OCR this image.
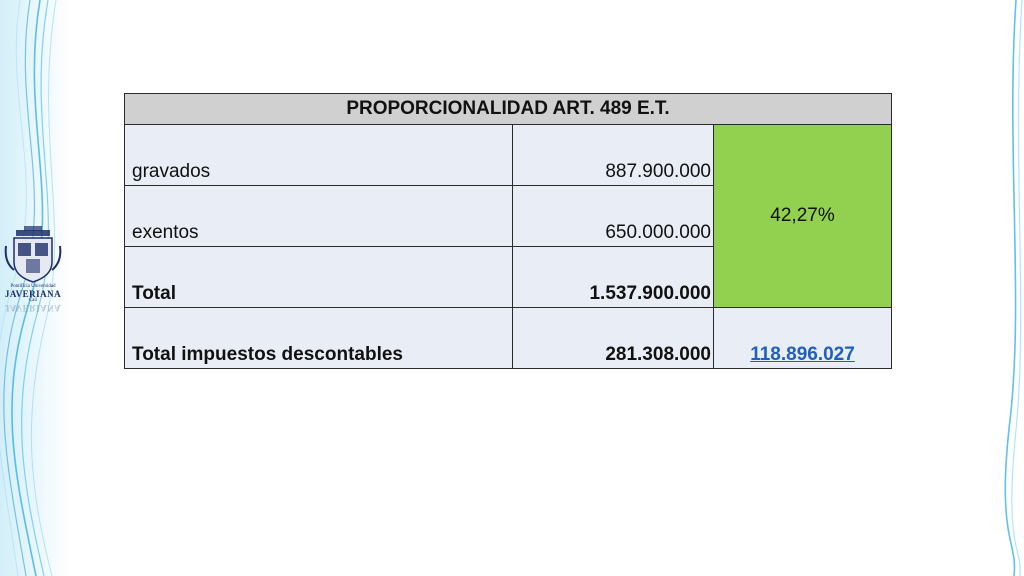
Pontificia Universidad
JAVERIANA
JAVERIANA
Cali
PROPORCIONALIDAD ART. 489 E.T.		
gravados	887.900.000	42,27%
exentos	650.000.000	
Total	1.537.900.000	
Total impuestos descontables	281.308.000	118.896.027
